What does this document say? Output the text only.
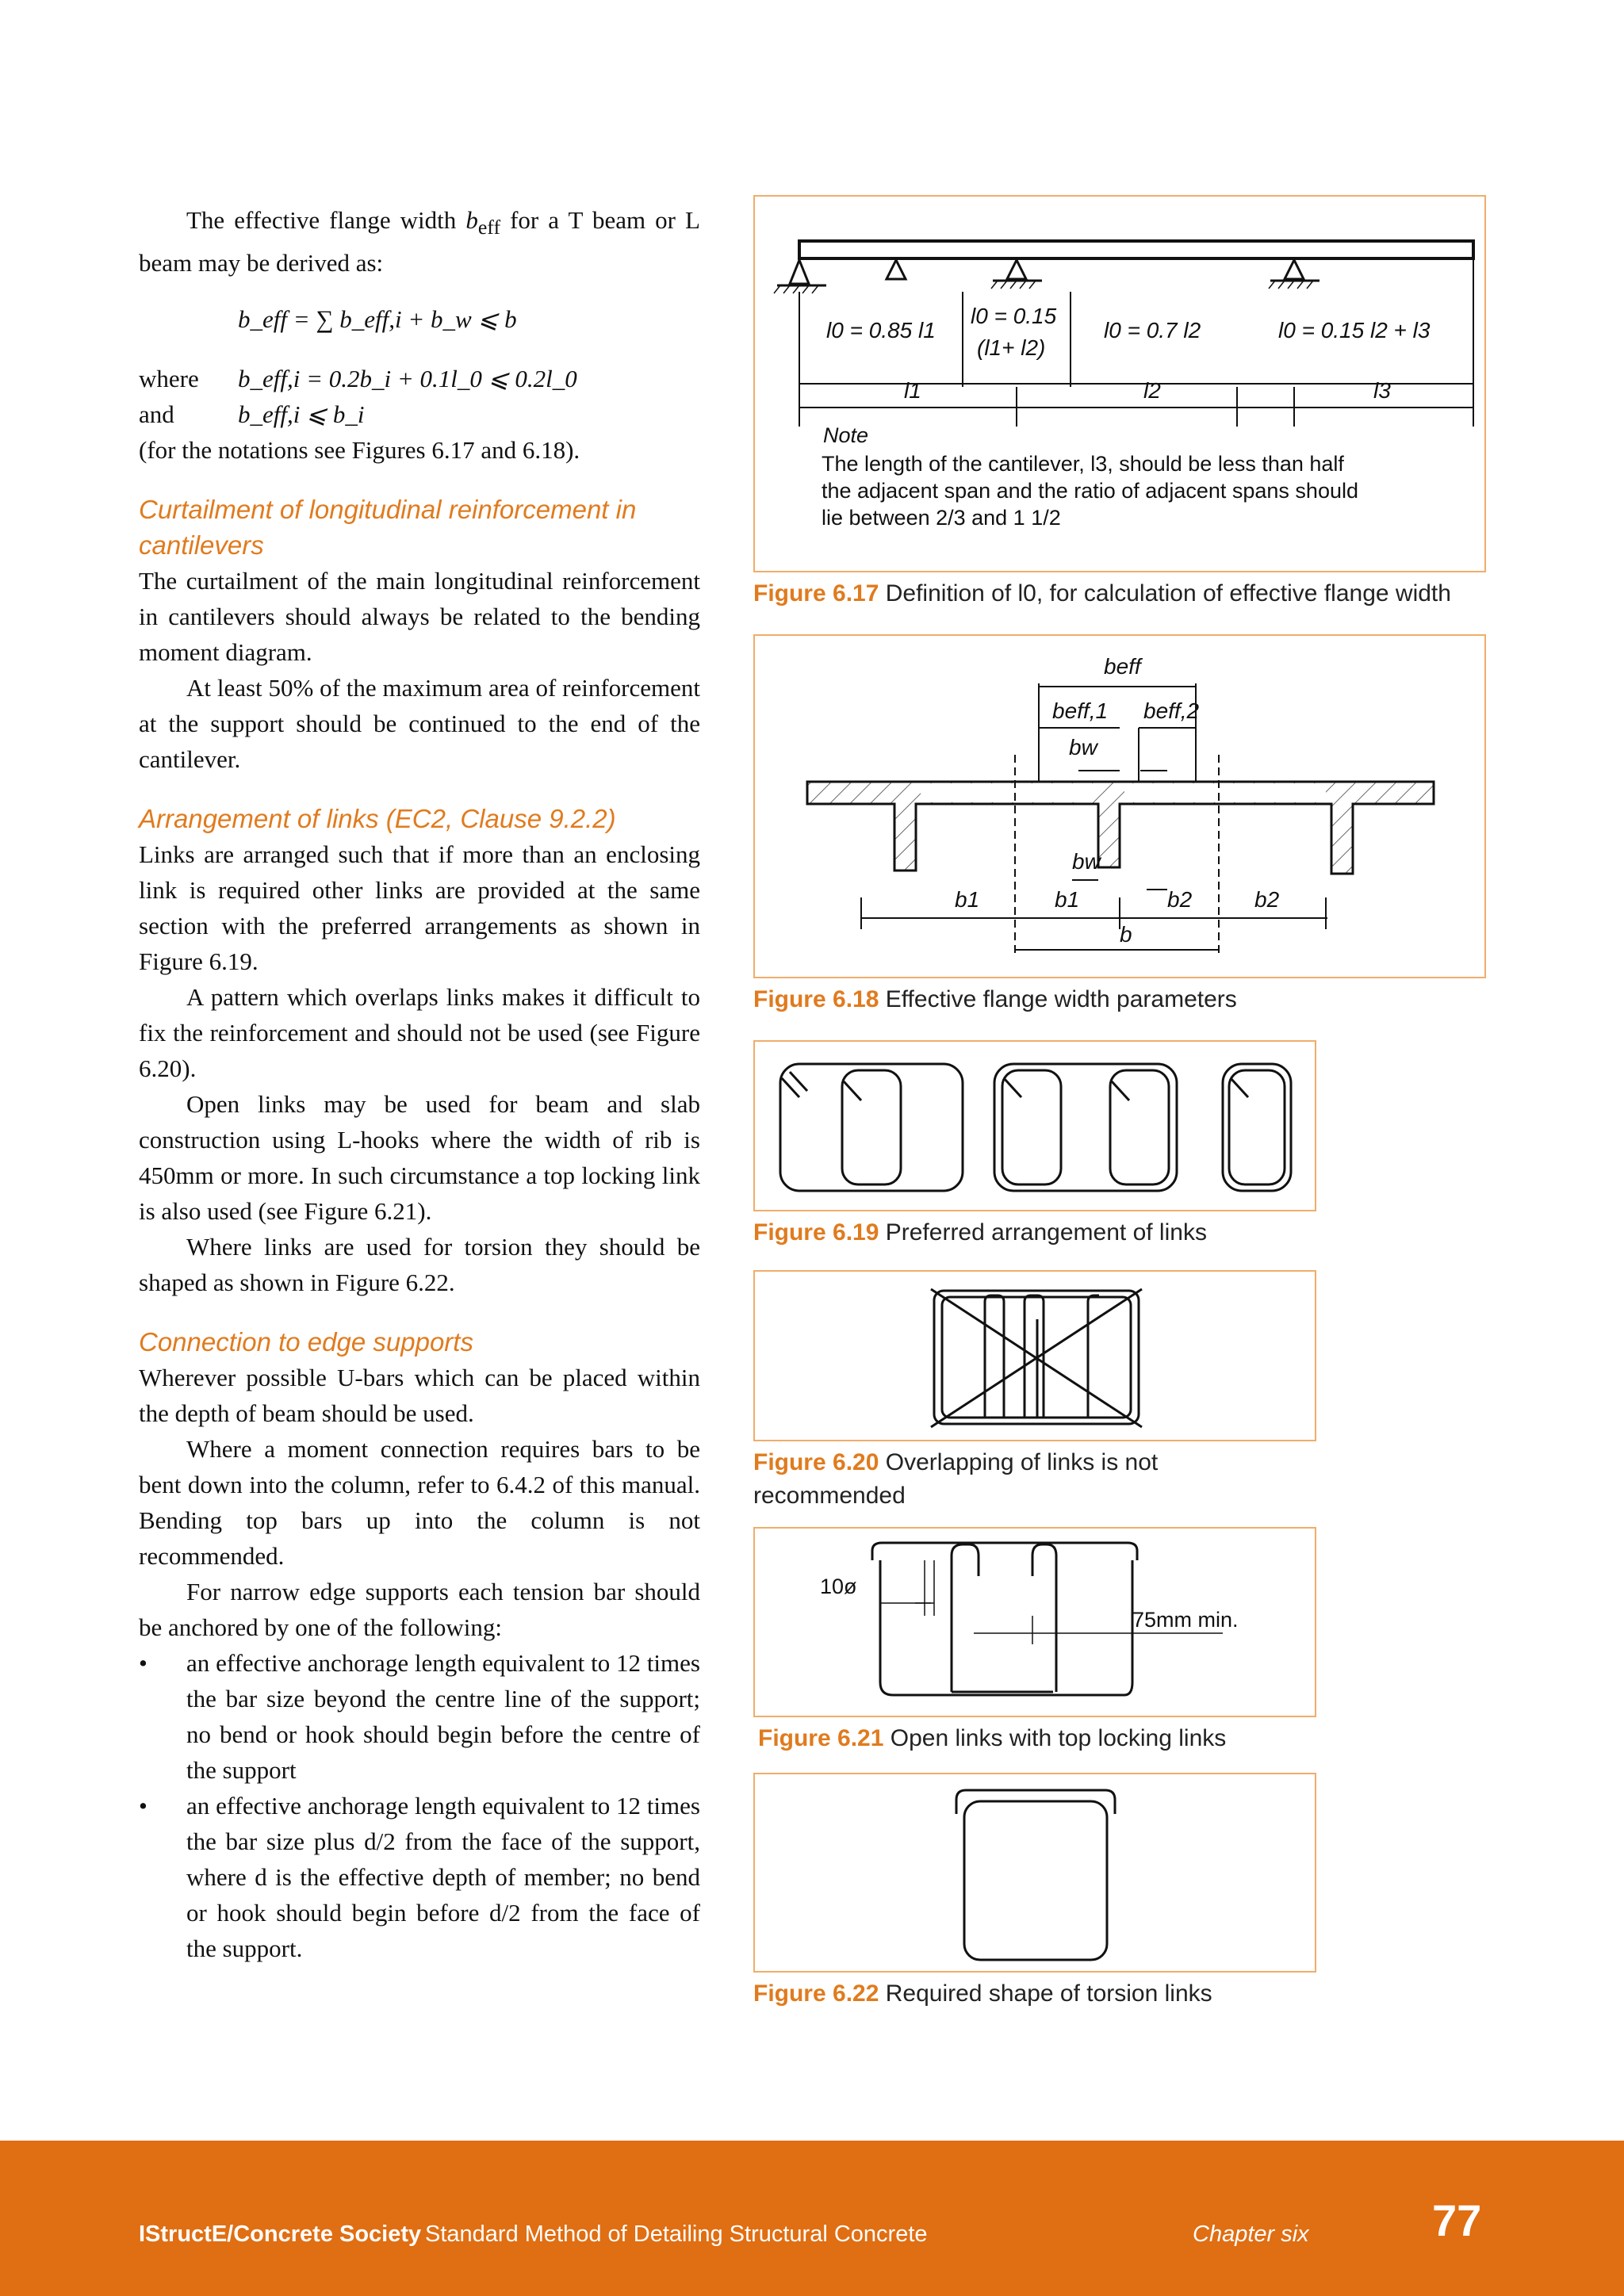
The effective flange width $b_{eff}$ for a T beam or L beam may be derived as:

b_eff = ∑ b_eff,i + b_w ⩽ b
where	b_eff,i = 0.2b_i + 0.1l_0 ⩽ 0.2l_0
and	b_eff,i ⩽ b_i

(for the notations see Figures 6.17 and 6.18).

Curtailment of longitudinal reinforcement in cantilevers

The curtailment of the main longitudinal reinforcement in cantilevers should always be related to the bending moment diagram.

At least 50% of the maximum area of reinforcement at the support should be continued to the end of the cantilever.

Arrangement of links (EC2, Clause 9.2.2)

Links are arranged such that if more than an enclosing link is required other links are provided at the same section with the preferred arrangements as shown in Figure 6.19.

A pattern which overlaps links makes it difficult to fix the reinforcement and should not be used (see Figure 6.20).

Open links may be used for beam and slab construction using L-hooks where the width of rib is 450mm or more. In such circumstance a top locking link is also used (see Figure 6.21).

Where links are used for torsion they should be shaped as shown in Figure 6.22.

Connection to edge supports

Wherever possible U-bars which can be placed within the depth of beam should be used.

Where a moment connection requires bars to be bent down into the column, refer to 6.4.2 of this manual. Bending top bars up into the column is not recommended.

For narrow edge supports each tension bar should be anchored by one of the following:

• an effective anchorage length equivalent to 12 times the bar size beyond the centre line of the support; no bend or hook should begin before the centre of the support
• an effective anchorage length equivalent to 12 times the bar size plus d/2 from the face of the support, where d is the effective depth of member; no bend or hook should begin before d/2 from the face of the support.
l0 = 0.85 l1
l0 = 0.15
(l1+ l2)
l0 = 0.7 l2	l0 = 0.15 l2 + l3
l1	l2	l3
Note
The length of the cantilever, l3, should be less than half
the adjacent span and the ratio of adjacent spans should
lie between 2/3 and 1 1/2
Figure 6.17 Definition of l0, for calculation of effective flange width
beff
beff,1 beff,2
bw
bw
b1	b1	b2	b2
b
Figure 6.18 Effective flange width parameters
Figure 6.19 Preferred arrangement of links
Figure 6.20 Overlapping of links is not recommended
10ø
75mm min.
Figure 6.21 Open links with top locking links
Figure 6.22 Required shape of torsion links
IStructE/Concrete Society Standard Method of Detailing Structural Concrete	Chapter six	77
